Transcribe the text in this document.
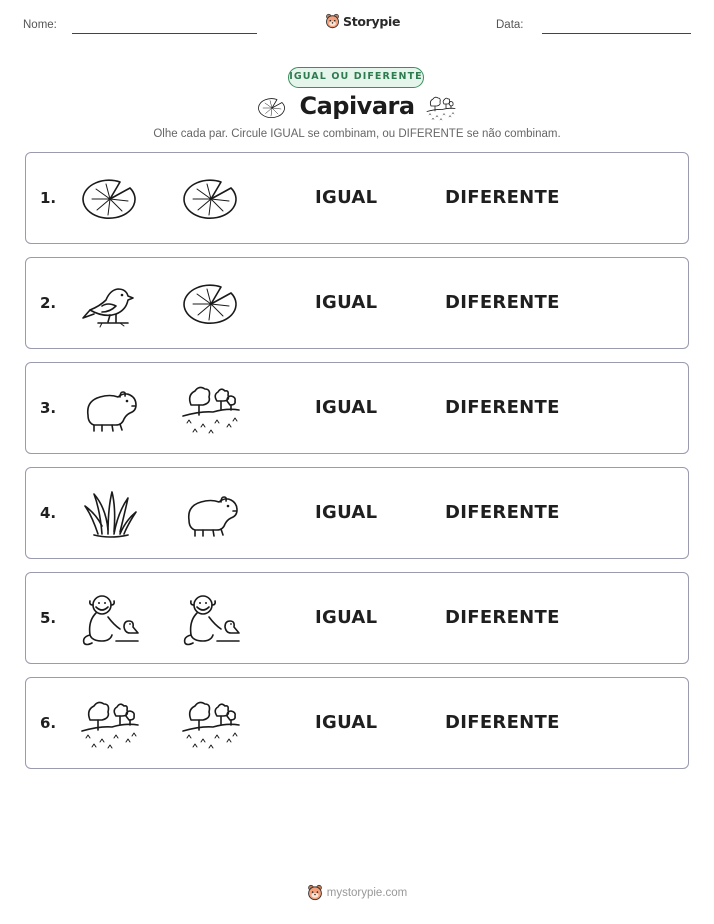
Nome:	Storypie	Data:
IGUAL OU DIFERENTE
Capivara
Olhe cada par. Circule IGUAL se combinam, ou DIFERENTE se não combinam.
1.	IGUAL	DIFERENTE
2.	IGUAL	DIFERENTE
3.	IGUAL	DIFERENTE
4.	IGUAL	DIFERENTE
5.	IGUAL	DIFERENTE
6.	IGUAL	DIFERENTE
mystorypie.com
